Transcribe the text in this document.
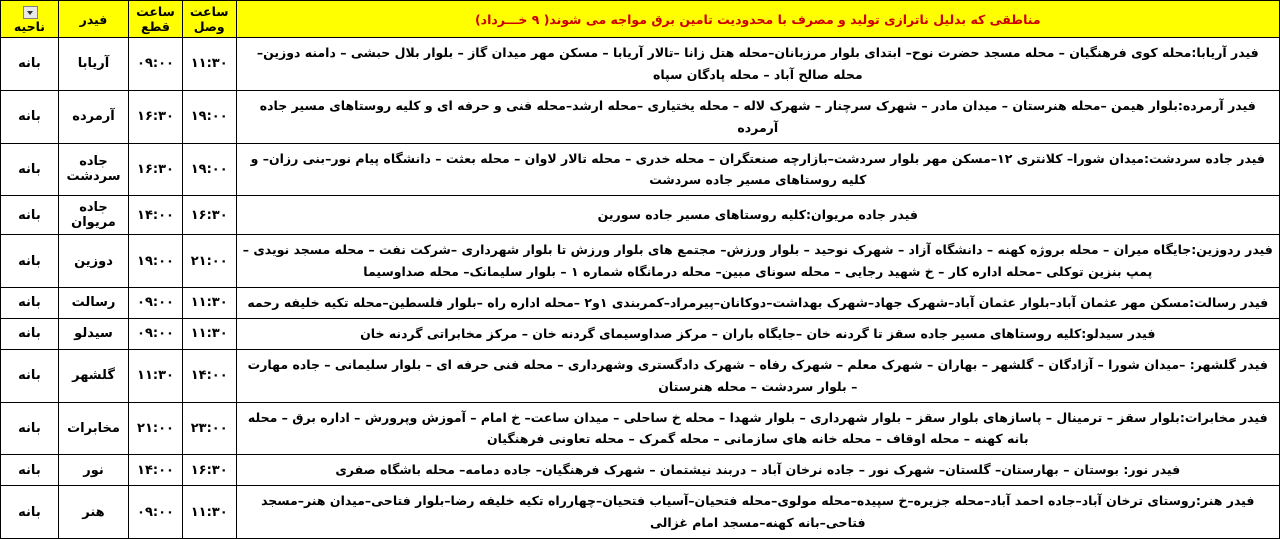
مناطقی که بدلیل ناترازی تولید و مصرف با محدودیت تامین برق مواجه می شوند( ۹ خـــرداد)	ساعت وصل	ساعت قطع	فیدر	ناحیه
فیدر آریابا:محله کوی فرهنگیان – محله مسجد حضرت نوح– ابتدای بلوار مرزبانان–محله هتل زانا –تالار آریابا – مسکن مهر میدان گاز – بلوار بلال حبشی – دامنه دوزین– محله صالح آباد – محله پادگان سپاه	۱۱:۳۰	۰۹:۰۰	آریابا	بانه
فیدر آرمرده:بلوار هیمن –محله هنرستان – میدان مادر – شهرک سرچنار – شهرک لاله – محله یختیاری –محله ارشد–محله فنی و حرفه ای و کلیه روستاهای مسیر جاده آرمرده	۱۹:۰۰	۱۶:۳۰	آرمرده	بانه
فیدر جاده سردشت:میدان شورا– کلانتری ۱۲–مسکن مهر بلوار سردشت–بازارچه صنعتگران – محله خدری – محله تالار لاوان – محله بعثت – دانشگاه پیام نور–بنی رزان– و کلیه روستاهای مسیر جاده سردشت	۱۹:۰۰	۱۶:۳۰	جاده سردشت	بانه
فیدر جاده مریوان:کلیه روستاهای مسیر جاده سورین	۱۶:۳۰	۱۴:۰۰	جاده مریوان	بانه
فیدر ردوزین:جایگاه میران – محله بروژه کهنه – دانشگاه آزاد – شهرک نوحید – بلوار ورزش– مجتمع های بلوار ورزش تا بلوار شهرداری –شرکت نفت – محله مسجد نویدی – پمپ بنزین توکلی –محله اداره کار – خ شهید رجایی – محله سونای مبین– محله درمانگاه شماره ۱ – بلوار سلیمانک– محله صداوسیما	۲۱:۰۰	۱۹:۰۰	دوزین	بانه
فیدر رسالت:مسکن مهر عثمان آباد–بلوار عثمان آباد–شهرک جهاد–شهرک بهداشت–دوکانان–پیرمراد–کمربندی ۱و۲ –محله اداره راه –بلوار فلسطین–محله تکیه خلیفه رحمه	۱۱:۳۰	۰۹:۰۰	رسالت	بانه
فیدر سیدلو:کلیه روستاهای مسیر جاده سقز تا گردنه خان –جایگاه باران – مرکز صداوسیمای گردنه خان – مرکز مخابراتی گردنه خان	۱۱:۳۰	۰۹:۰۰	سیدلو	بانه
فیدر گلشهر: –میدان شورا – آزادگان – گلشهر – بهاران – شهرک معلم – شهرک رفاه – شهرک دادگستری وشهرداری – محله فنی حرفه ای – بلوار سلیمانی – جاده مهارت – بلوار سردشت – محله هنرستان	۱۴:۰۰	۱۱:۳۰	گلشهر	بانه
فیدر مخابرات:بلوار سقز – ترمینال – پاسازهای بلوار سقز – بلوار شهرداری – بلوار شهدا – محله خ ساحلی – میدان ساعت– خ امام – آموزش وپرورش – اداره برق – محله بانه کهنه – محله اوقاف – محله خانه های سازمانی – محله گمرک – محله تعاونی فرهنگیان	۲۳:۰۰	۲۱:۰۰	مخابرات	بانه
فیدر نور: بوستان – بهارستان– گلستان– شهرک نور – جاده نرخان آباد – دربند نیشتمان – شهرک فرهنگیان– جاده دمامه– محله باشگاه صفری	۱۶:۳۰	۱۴:۰۰	نور	بانه
فیدر هنر:روستای ترخان آباد–جاده احمد آباد–محله جزیره–خ سپیده–محله مولوی–محله فتحیان–آسیاب فتحیان–چهارراه تکیه خلیفه رضا–بلوار فتاحی–میدان هنر–مسجد فتاحی–بانه کهنه–مسجد امام غزالی	۱۱:۳۰	۰۹:۰۰	هنر	بانه
